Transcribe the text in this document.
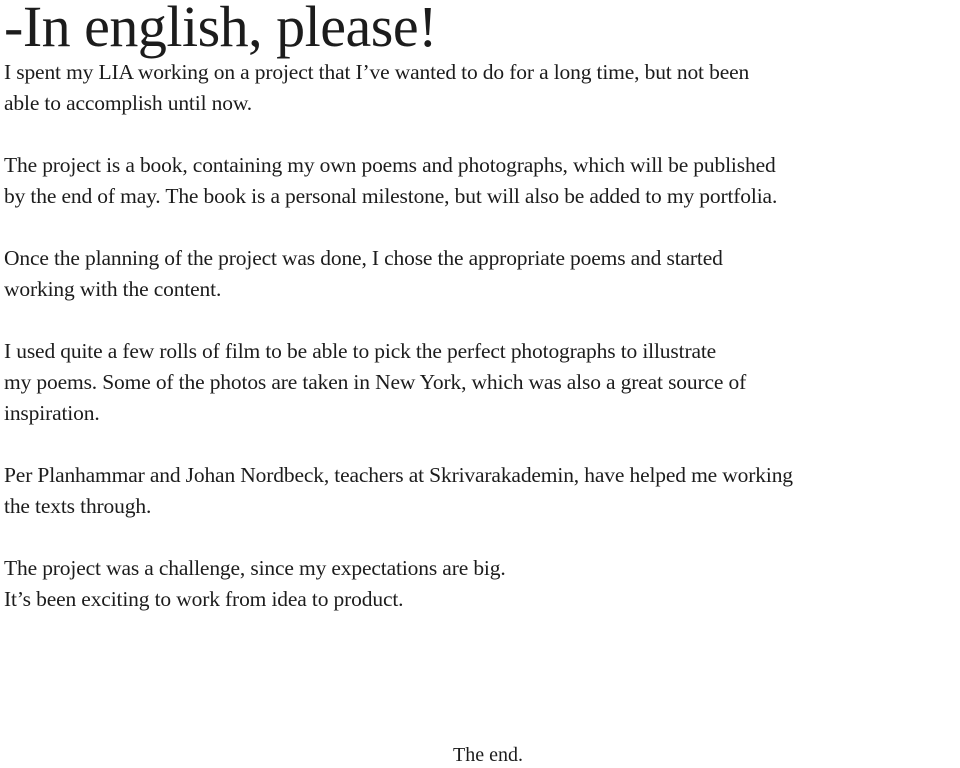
-In english, please!

I spent my LIA working on a project that I’ve wanted to do for a long time, but not been
able to accomplish until now.

The project is a book, containing my own poems and photographs, which will be published
by the end of may. The book is a personal milestone, but will also be added to my portfolia.

Once the planning of the project was done, I chose the appropriate poems and started
working with the content.

I used quite a few rolls of film to be able to pick the perfect photographs to illustrate
my poems. Some of the photos are taken in New York, which was also a great source of
inspiration.

Per Planhammar and Johan Nordbeck, teachers at Skrivarakademin, have helped me working
the texts through.

The project was a challenge, since my expectations are big.
It’s been exciting to work from idea to product.

The end.
